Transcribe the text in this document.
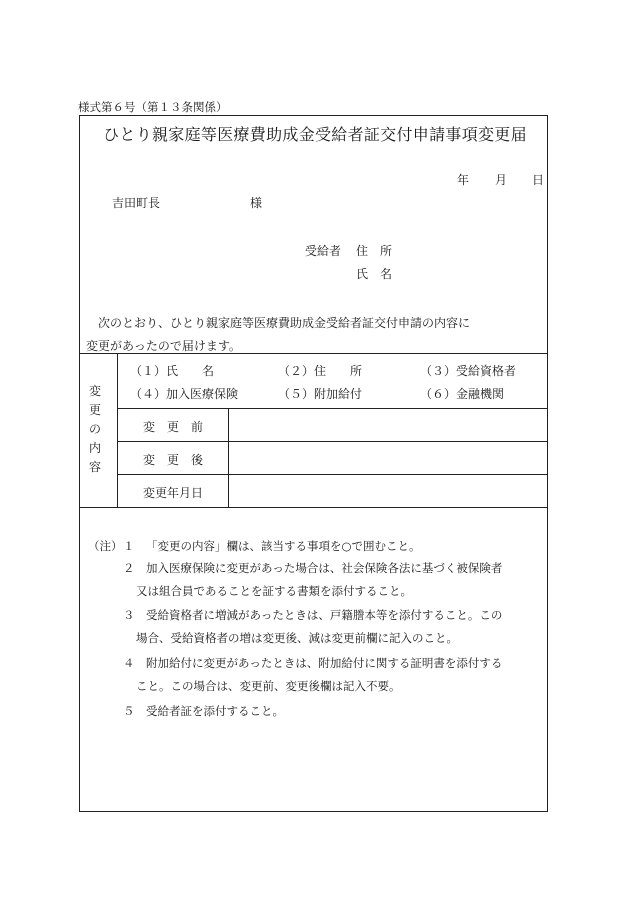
様式第６号（第１３条関係）
ひとり親家庭等医療費助成金受給者証交付申請事項変更届
年 月 日
吉田町長	様
受給者 住　所
氏　名
次のとおり、ひとり親家庭等医療費助成金受給者証交付申請の内容に
変更があったので届けます。
変
更
の
内
容
（１）氏　　名	（２）住　　所	（３）受給資格者
（４）加入医療保険	（５）附加給付	（６）金融機関
変　更　前
変　更　後
変更年月日
（注） １ 「変更の内容」欄は、該当する事項を○で囲むこと。
２ 加入医療保険に変更があった場合は、社会保険各法に基づく被保険者
又は組合員であることを証する書類を添付すること。
３ 受給資格者に増減があったときは、戸籍謄本等を添付すること。この
場合、受給資格者の増は変更後、減は変更前欄に記入のこと。
４ 附加給付に変更があったときは、附加給付に関する証明書を添付する
こと。この場合は、変更前、変更後欄は記入不要。
５ 受給者証を添付すること。
